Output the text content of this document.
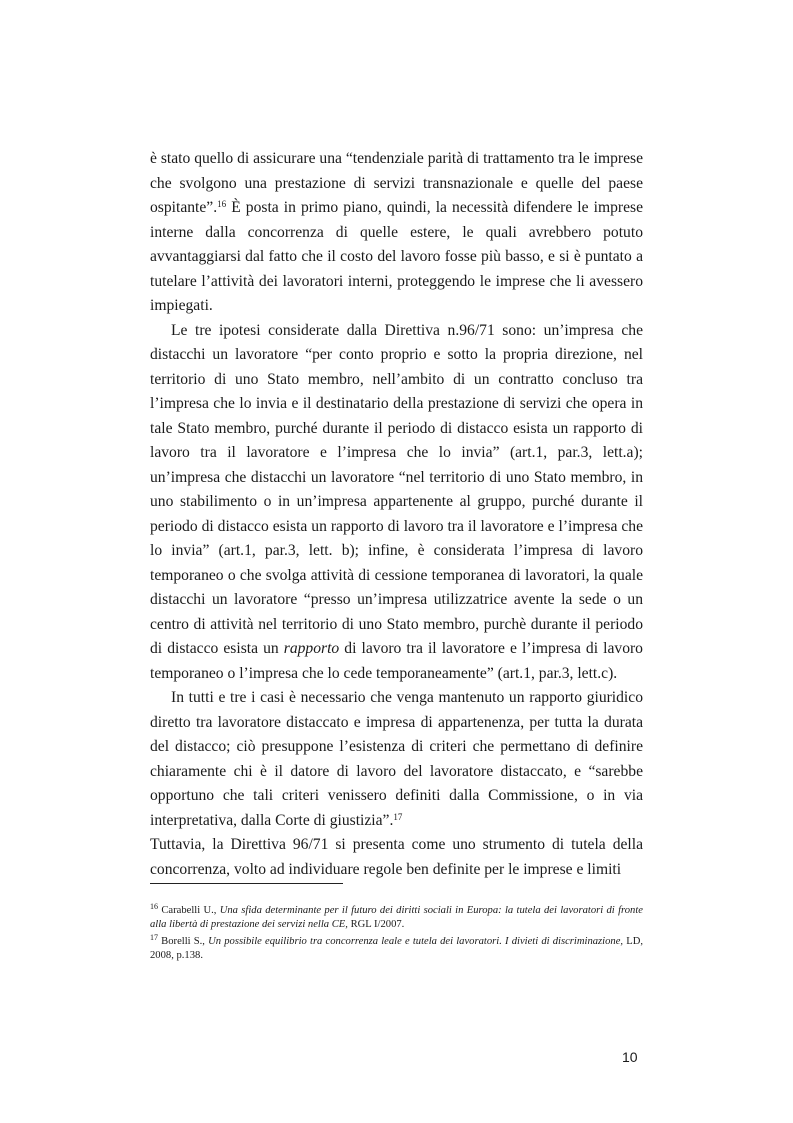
è stato quello di assicurare una “tendenziale parità di trattamento tra le imprese che svolgono una prestazione di servizi transnazionale e quelle del paese ospitante”.$^{16}$ È posta in primo piano, quindi, la necessità difendere le imprese interne dalla concorrenza di quelle estere, le quali avrebbero potuto avvantaggiarsi dal fatto che il costo del lavoro fosse più basso, e si è puntato a tutelare l’attività dei lavoratori interni, proteggendo le imprese che li avessero impiegati.

Le tre ipotesi considerate dalla Direttiva n.96/71 sono: un’impresa che distacchi un lavoratore “per conto proprio e sotto la propria direzione, nel territorio di uno Stato membro, nell’ambito di un contratto concluso tra l’impresa che lo invia e il destinatario della prestazione di servizi che opera in tale Stato membro, purché durante il periodo di distacco esista un rapporto di lavoro tra il lavoratore e l’impresa che lo invia” (art.1, par.3, lett.a); un’impresa che distacchi un lavoratore “nel territorio di uno Stato membro, in uno stabilimento o in un’impresa appartenente al gruppo, purché durante il periodo di distacco esista un rapporto di lavoro tra il lavoratore e l’impresa che lo invia” (art.1, par.3, lett. b); infine, è considerata l’impresa di lavoro temporaneo o che svolga attività di cessione temporanea di lavoratori, la quale distacchi un lavoratore “presso un’impresa utilizzatrice avente la sede o un centro di attività nel territorio di uno Stato membro, purchè durante il periodo di distacco esista un rapporto di lavoro tra il lavoratore e l’impresa di lavoro temporaneo o l’impresa che lo cede temporaneamente” (art.1, par.3, lett.c).

In tutti e tre i casi è necessario che venga mantenuto un rapporto giuridico diretto tra lavoratore distaccato e impresa di appartenenza, per tutta la durata del distacco; ciò presuppone l’esistenza di criteri che permettano di definire chiaramente chi è il datore di lavoro del lavoratore distaccato, e “sarebbe opportuno che tali criteri venissero definiti dalla Commissione, o in via interpretativa, dalla Corte di giustizia”.$^{17}$

Tuttavia, la Direttiva 96/71 si presenta come uno strumento di tutela della concorrenza, volto ad individuare regole ben definite per le imprese e limiti

$^{16}$ Carabelli U., Una sfida determinante per il futuro dei diritti sociali in Europa: la tutela dei lavoratori di fronte alla libertà di prestazione dei servizi nella CE, RGL I/2007.

$^{17}$ Borelli S., Un possibile equilibrio tra concorrenza leale e tutela dei lavoratori. I divieti di discriminazione, LD, 2008, p.138.

10
